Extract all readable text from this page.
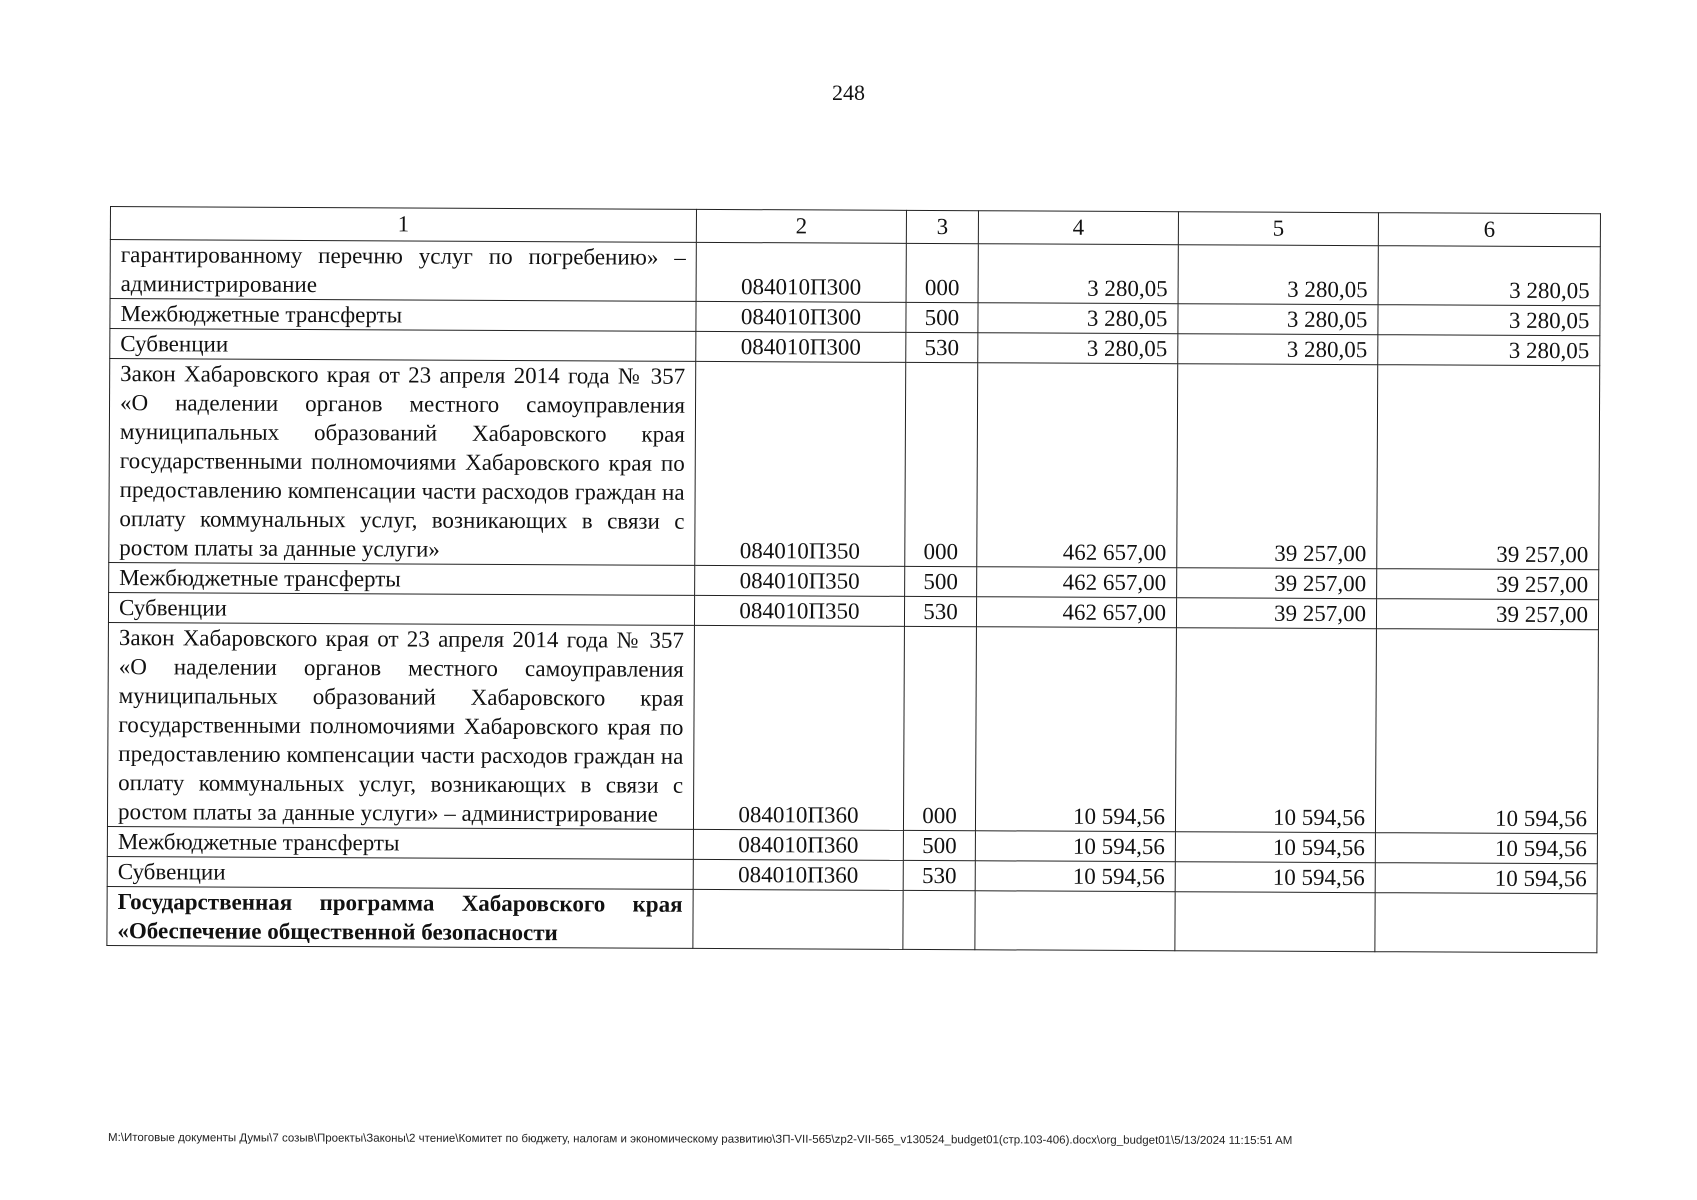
248
1	2	3	4	5	6
гарантированному перечню услуг по погребению» – администрирование	084010П300	000	3 280,05	3 280,05	3 280,05
Межбюджетные трансферты	084010П300	500	3 280,05	3 280,05	3 280,05
Субвенции	084010П300	530	3 280,05	3 280,05	3 280,05
Закон Хабаровского края от 23 апреля 2014 года № 357 «О наделении органов местного самоуправления муниципальных образований Хабаровского края государственными полномочиями Хабаровского края по предоставлению компенсации части расходов граждан на оплату коммунальных услуг, возникающих в связи с ростом платы за данные услуги»	084010П350	000	462 657,00	39 257,00	39 257,00
Межбюджетные трансферты	084010П350	500	462 657,00	39 257,00	39 257,00
Субвенции	084010П350	530	462 657,00	39 257,00	39 257,00
Закон Хабаровского края от 23 апреля 2014 года № 357 «О наделении органов местного самоуправления муниципальных образований Хабаровского края государственными полномочиями Хабаровского края по предоставлению компенсации части расходов граждан на оплату коммунальных услуг, возникающих в связи с ростом платы за данные услуги» – администрирование	084010П360	000	10 594,56	10 594,56	10 594,56
Межбюджетные трансферты	084010П360	500	10 594,56	10 594,56	10 594,56
Субвенции	084010П360	530	10 594,56	10 594,56	10 594,56
Государственная программа Хабаровского края «Обеспечение общественной безопасности					
М:\Итоговые документы Думы\7 созыв\Проекты\Законы\2 чтение\Комитет по бюджету, налогам и экономическому развитию\ЗП-VII-565\zp2-VII-565_v130524_budget01(стр.103-406).docx\org_budget01\5/13/2024 11:15:51 AM
